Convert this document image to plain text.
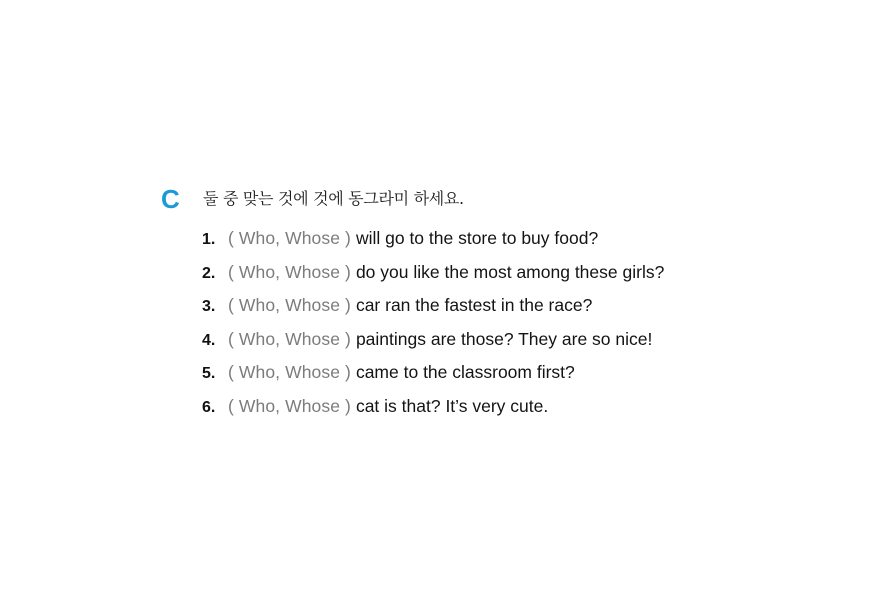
C	둘 중 맞는 것에 것에 동그라미 하세요.
1. ( Who, Whose ) will go to the store to buy food?
2. ( Who, Whose ) do you like the most among these girls?
3. ( Who, Whose ) car ran the fastest in the race?
4. ( Who, Whose ) paintings are those? They are so nice!
5. ( Who, Whose ) came to the classroom first?
6. ( Who, Whose ) cat is that? It’s very cute.
